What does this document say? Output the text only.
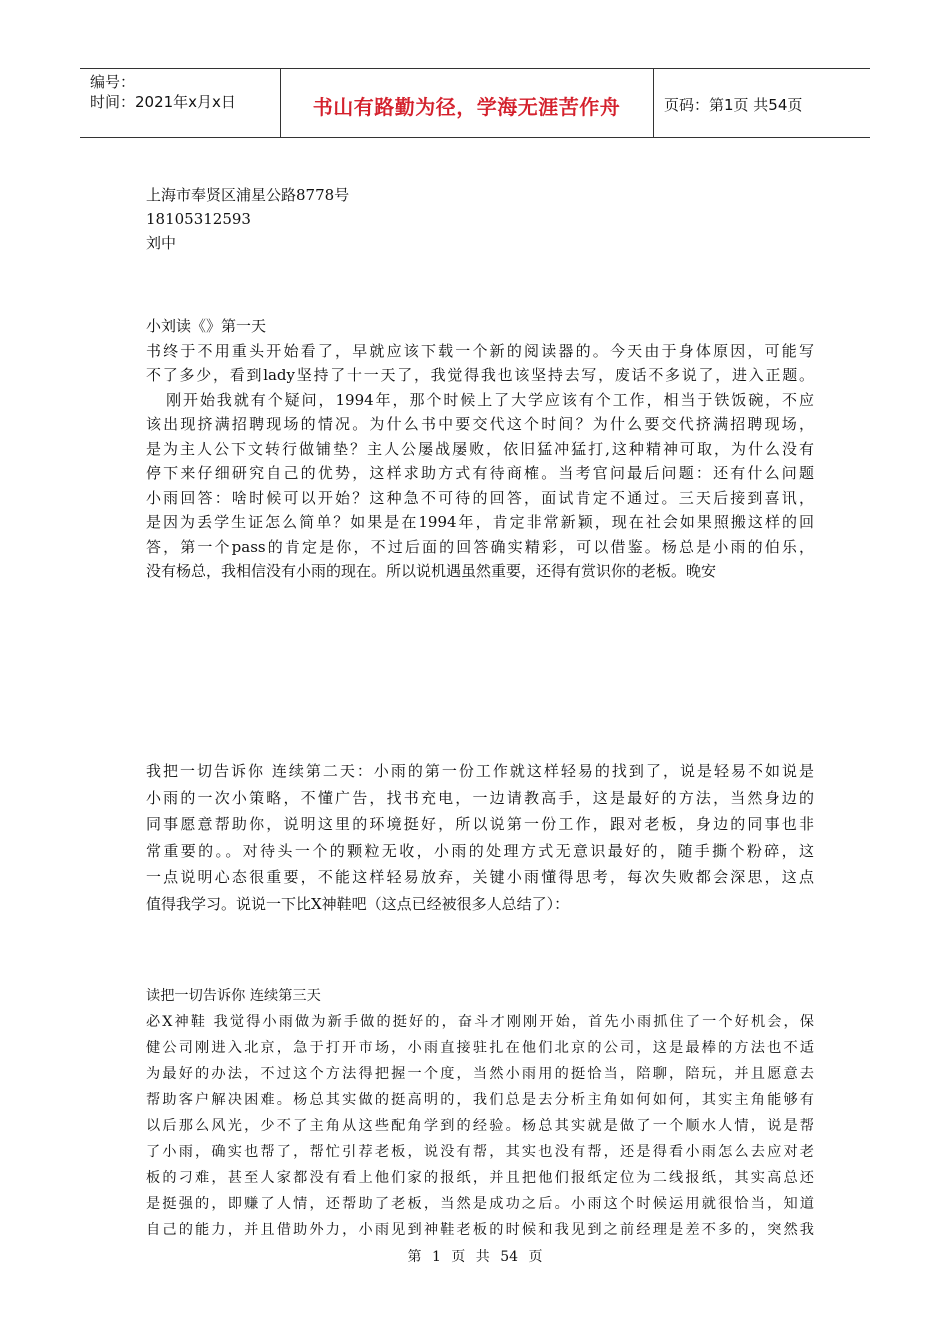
编号：
时间：2021年x月x日	书山有路勤为径，学海无涯苦作舟	页码：第1页 共54页
上海市奉贤区浦星公路8778号
18105312593
刘中
小刘读《》第一天
书终于不用重头开始看了，早就应该下载一个新的阅读器的。今天由于身体原因，可能写
不了多少，看到lady坚持了十一天了，我觉得我也该坚持去写，废话不多说了，进入正题。
刚开始我就有个疑问，1994年，那个时候上了大学应该有个工作，相当于铁饭碗，不应
该出现挤满招聘现场的情况。为什么书中要交代这个时间？为什么要交代挤满招聘现场，
是为主人公下文转行做铺垫？主人公屡战屡败，依旧猛冲猛打,这种精神可取，为什么没有
停下来仔细研究自己的优势，这样求助方式有待商榷。当考官问最后问题：还有什么问题
小雨回答：啥时候可以开始？这种急不可待的回答，面试肯定不通过。三天后接到喜讯，
是因为丢学生证怎么简单？如果是在1994年，肯定非常新颖，现在社会如果照搬这样的回
答，第一个pass的肯定是你，不过后面的回答确实精彩，可以借鉴。杨总是小雨的伯乐，
没有杨总，我相信没有小雨的现在。所以说机遇虽然重要，还得有赏识你的老板。晚安
我把一切告诉你 连续第二天：小雨的第一份工作就这样轻易的找到了，说是轻易不如说是
小雨的一次小策略，不懂广告，找书充电，一边请教高手，这是最好的方法，当然身边的
同事愿意帮助你，说明这里的环境挺好，所以说第一份工作，跟对老板，身边的同事也非
常重要的。。对待头一个的颗粒无收，小雨的处理方式无意识最好的，随手撕个粉碎，这
一点说明心态很重要，不能这样轻易放弃，关键小雨懂得思考，每次失败都会深思，这点
值得我学习。说说一下比X神鞋吧（这点已经被很多人总结了）：
读把一切告诉你 连续第三天
必X神鞋 我觉得小雨做为新手做的挺好的，奋斗才刚刚开始，首先小雨抓住了一个好机会，保
健公司刚进入北京，急于打开市场，小雨直接驻扎在他们北京的公司，这是最棒的方法也不适
为最好的办法，不过这个方法得把握一个度，当然小雨用的挺恰当，陪聊，陪玩，并且愿意去
帮助客户解决困难。杨总其实做的挺高明的，我们总是去分析主角如何如何，其实主角能够有
以后那么风光，少不了主角从这些配角学到的经验。杨总其实就是做了一个顺水人情，说是帮
了小雨，确实也帮了，帮忙引荐老板，说没有帮，其实也没有帮，还是得看小雨怎么去应对老
板的刁难，甚至人家都没有看上他们家的报纸，并且把他们报纸定位为二线报纸，其实高总还
是挺强的，即赚了人情，还帮助了老板，当然是成功之后。小雨这个时候运用就很恰当，知道
自己的能力，并且借助外力，小雨见到神鞋老板的时候和我见到之前经理是差不多的，突然我
第 1 页 共 54 页
